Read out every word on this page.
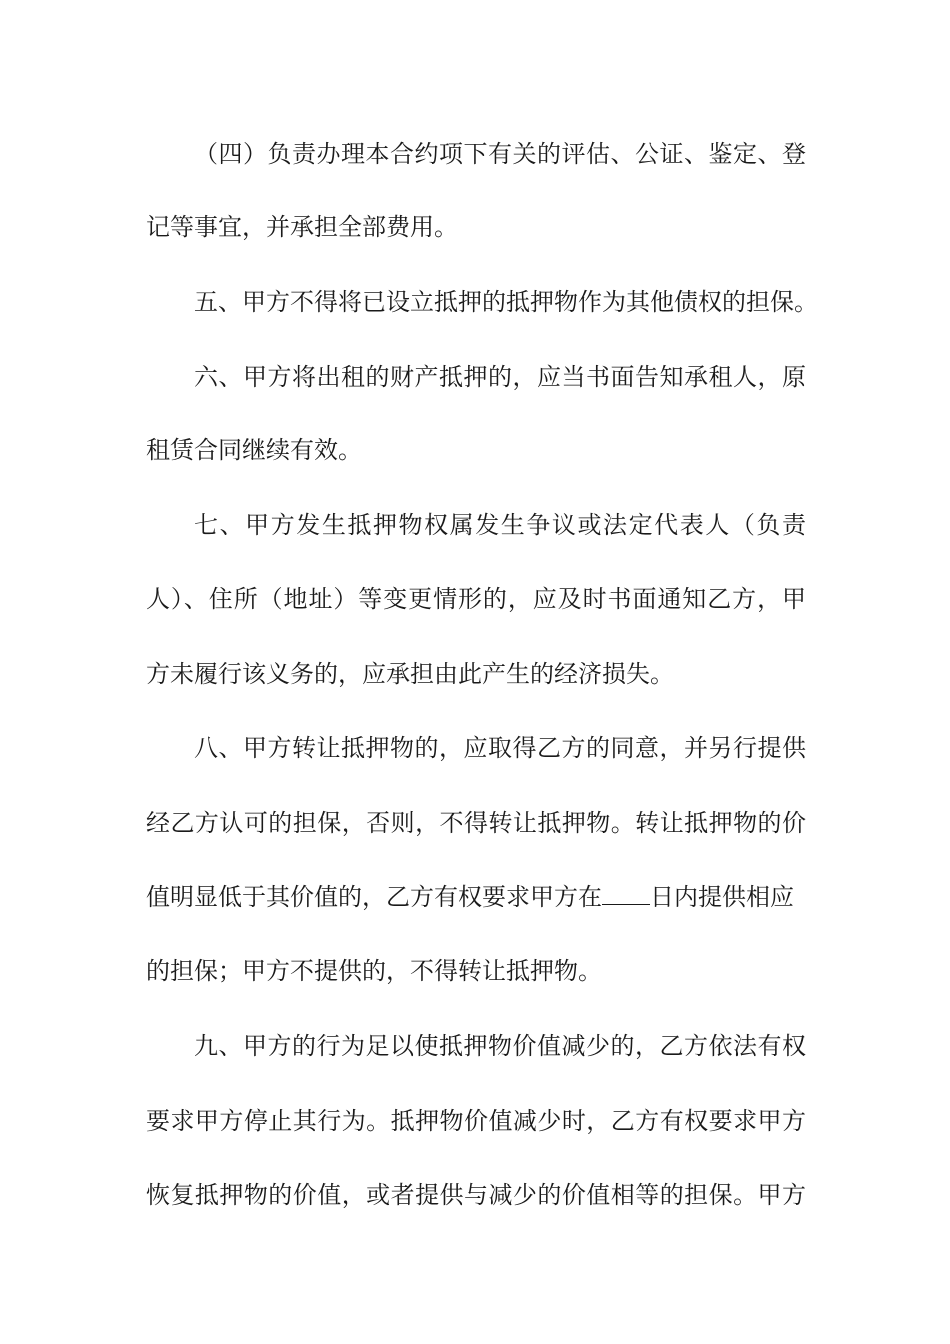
（四）负责办理本合约项下有关的评估、公证、鉴定、登
记等事宜，并承担全部费用。
五、甲方不得将已设立抵押的抵押物作为其他债权的担保。
六、甲方将出租的财产抵押的，应当书面告知承租人，原
租赁合同继续有效。
七、甲方发生抵押物权属发生争议或法定代表人（负责
人）、住所（地址）等变更情形的，应及时书面通知乙方，甲
方未履行该义务的，应承担由此产生的经济损失。
八、甲方转让抵押物的，应取得乙方的同意，并另行提供
经乙方认可的担保，否则，不得转让抵押物。转让抵押物的价
值明显低于其价值的，乙方有权要求甲方在 日内提供相应
的担保；甲方不提供的，不得转让抵押物。
九、甲方的行为足以使抵押物价值减少的，乙方依法有权
要求甲方停止其行为。抵押物价值减少时，乙方有权要求甲方
恢复抵押物的价值，或者提供与减少的价值相等的担保。甲方
